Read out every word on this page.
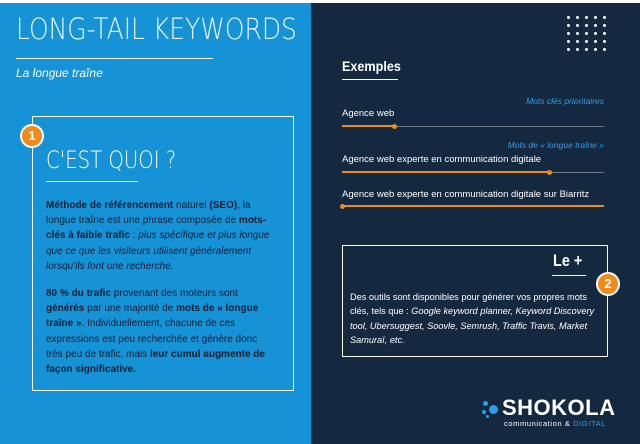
LONG-TAIL KEYWORDS
La longue traîne
1
C'EST QUOI ?
Méthode de référencement naturel (SEO), la longue traîne est une phrase composée de mots-clés à faible trafic : plus spécifique et plus longue que ce que les visiteurs utilisent généralement lorsqu'ils font une recherche.
80 % du trafic provenant des moteurs sont générés par une majorité de mots de « longue traîne ». Individuellement, chacune de ces expressions est peu recherchée et génère donc très peu de trafic, mais leur cumul augmente de façon significative.
Exemples
Mots clés prioritaires
Mots de « longue traîne »
Agence web
Agence web experte en communication digitale
Agence web experte en communication digitale sur Biarritz
Le +
2
Des outils sont disponibles pour générer vos propres mots clés, tels que : Google keyword planner, Keyword Discovery tool, Ubersuggest, Soovle, Semrush, Traffic Travis, Market Samuraï, etc.
SHOKOLA
communication & DIGITAL
